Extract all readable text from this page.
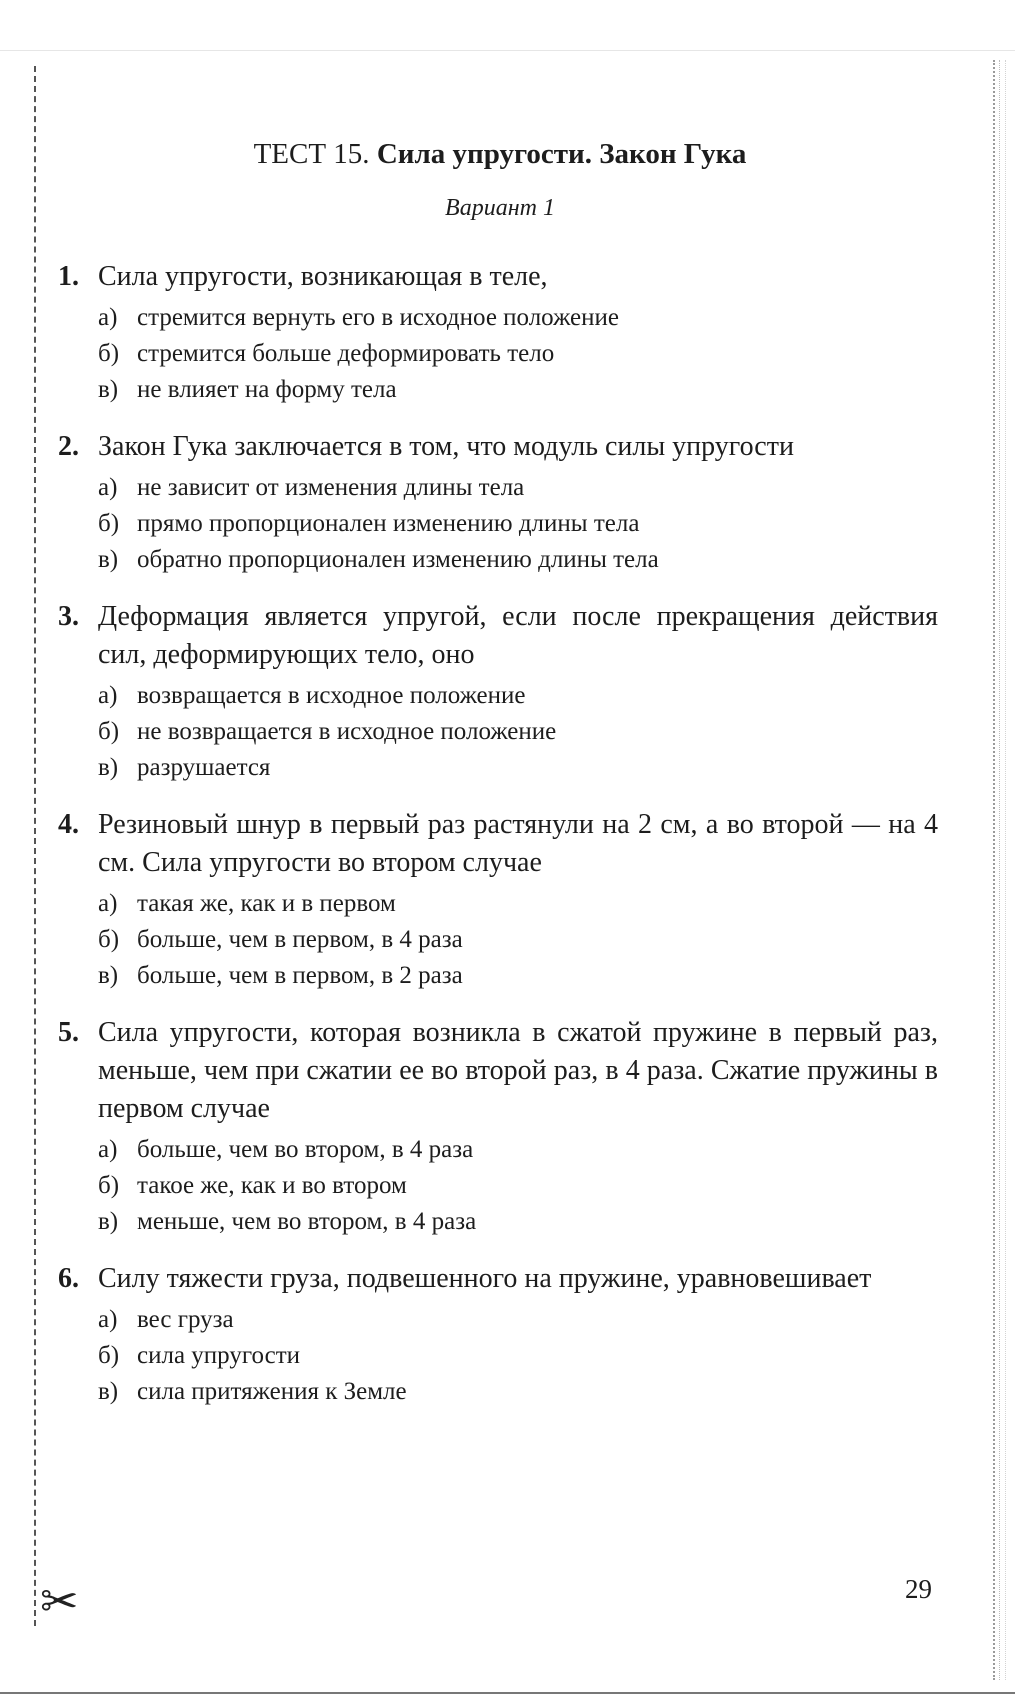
✂
ТЕСТ 15. Сила упругости. Закон Гука
Вариант 1
1. Сила упругости, возникающая в теле,
а) стремится вернуть его в исходное положение
б) стремится больше деформировать тело
в) не влияет на форму тела
2. Закон Гука заключается в том, что модуль силы упругости
а) не зависит от изменения длины тела
б) прямо пропорционален изменению длины тела
в) обратно пропорционален изменению длины тела
3. Деформация является упругой, если после прекращения действия сил, деформирующих тело, оно
а) возвращается в исходное положение
б) не возвращается в исходное положение
в) разрушается
4. Резиновый шнур в первый раз растянули на 2 см, а во второй — на 4 см. Сила упругости во втором случае
а) такая же, как и в первом
б) больше, чем в первом, в 4 раза
в) больше, чем в первом, в 2 раза
5. Сила упругости, которая возникла в сжатой пружине в первый раз, меньше, чем при сжатии ее во второй раз, в 4 раза. Сжатие пружины в первом случае
а) больше, чем во втором, в 4 раза
б) такое же, как и во втором
в) меньше, чем во втором, в 4 раза
6. Силу тяжести груза, подвешенного на пружине, уравновешивает
а) вес груза
б) сила упругости
в) сила притяжения к Земле
29
